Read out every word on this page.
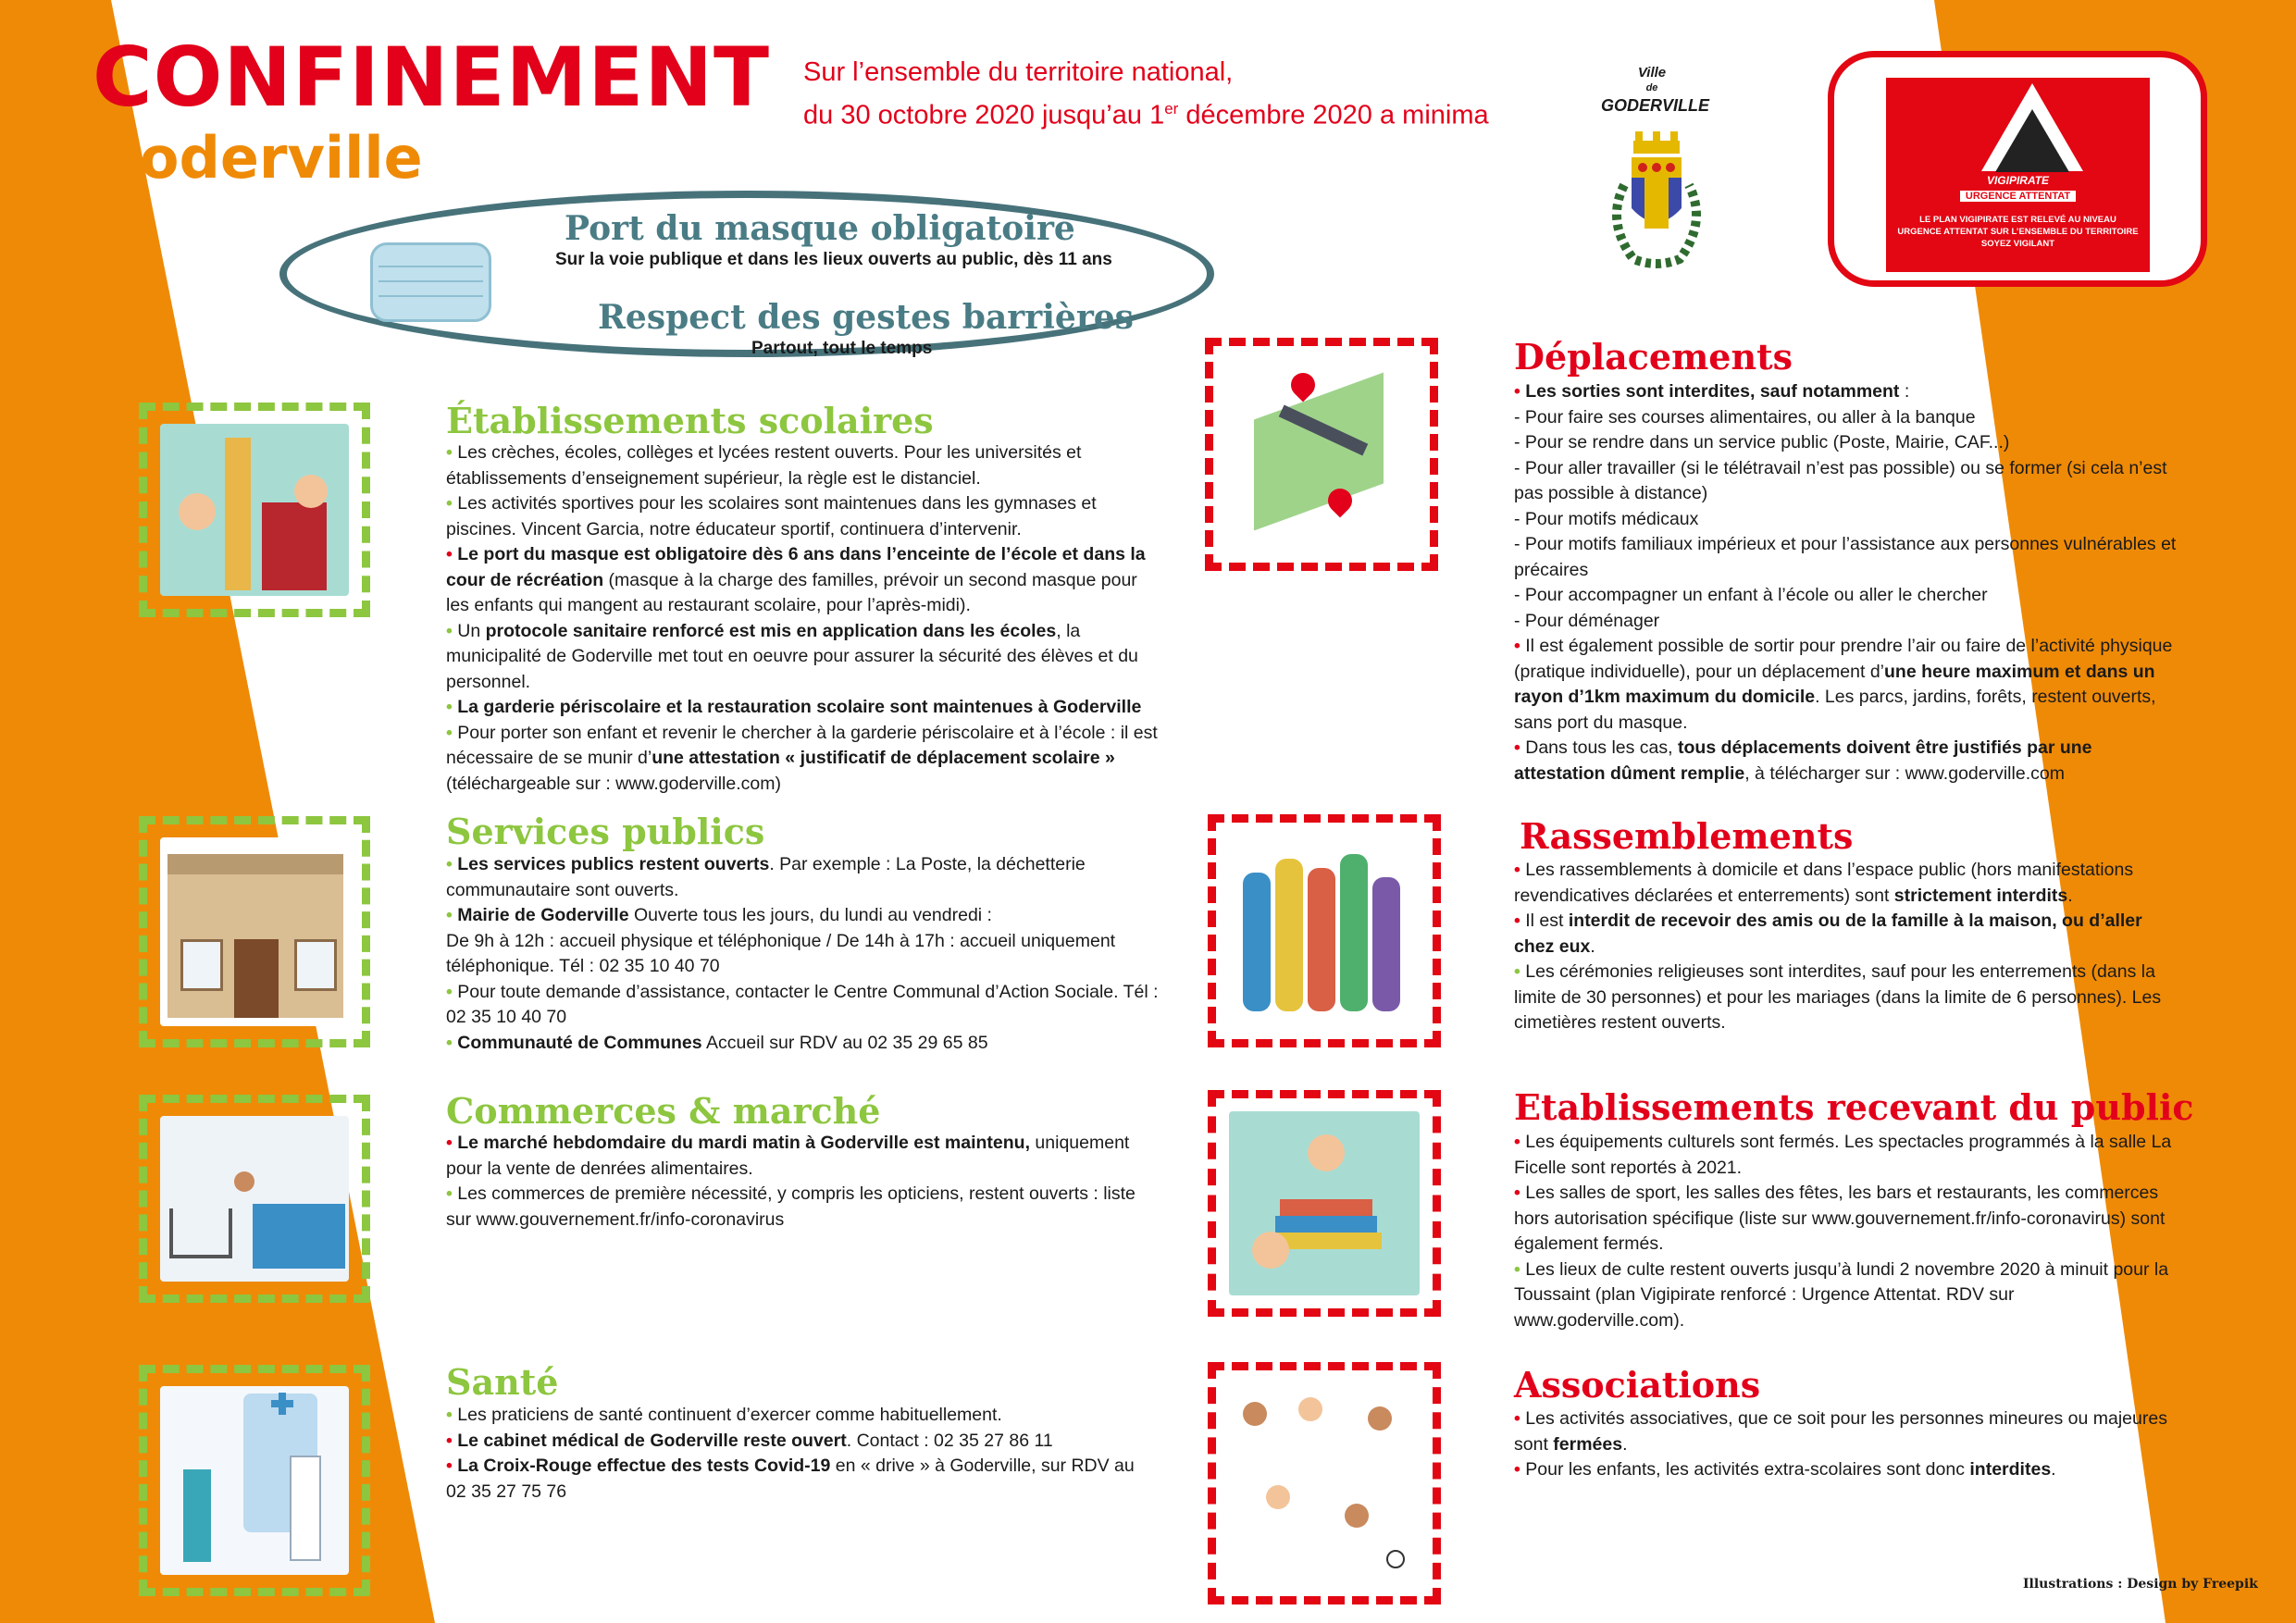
CONFINEMENT
Goderville
Sur l’ensemble du territoire national,
du 30 octobre 2020 jusqu’au 1er décembre 2020 a minima
Ville
de
GODERVILLE
VIGIPIRATE
URGENCE ATTENTAT
LE PLAN VIGIPIRATE EST RELEVÉ AU NIVEAU
URGENCE ATTENTAT SUR L’ENSEMBLE DU TERRITOIRE
SOYEZ VIGILANT
Port du masque obligatoire
Sur la voie publique et dans les lieux ouverts au public, dès 11 ans
Respect des gestes barrières
Partout, tout le temps
Établissements scolaires

• Les crèches, écoles, collèges et lycées restent ouverts. Pour les universités et établissements d’enseignement supérieur, la règle est le distanciel.

• Les activités sportives pour les scolaires sont maintenues dans les gymnases et piscines. Vincent Garcia, notre éducateur sportif, continuera d’intervenir.

• Le port du masque est obligatoire dès 6 ans dans l’enceinte de l’école et dans la cour de récréation (masque à la charge des familles, prévoir un second masque pour les enfants qui mangent au restaurant scolaire, pour l’après-midi).

• Un protocole sanitaire renforcé est mis en application dans les écoles, la municipalité de Goderville met tout en oeuvre pour assurer la sécurité des élèves et du personnel.

• La garderie périscolaire et la restauration scolaire sont maintenues à Goderville

• Pour porter son enfant et revenir le chercher à la garderie périscolaire et à l’école : il est nécessaire de se munir d’une attestation « justificatif de déplacement scolaire » (téléchargeable sur : www.goderville.com)

Services publics

• Les services publics restent ouverts. Par exemple : La Poste, la déchetterie communautaire sont ouverts.

• Mairie de Goderville Ouverte tous les jours, du lundi au vendredi :

De 9h à 12h : accueil physique et téléphonique / De 14h à 17h : accueil uniquement téléphonique. Tél : 02 35 10 40 70

• Pour toute demande d’assistance, contacter le Centre Communal d’Action Sociale. Tél : 02 35 10 40 70

• Communauté de Communes Accueil sur RDV au 02 35 29 65 85

Commerces & marché

• Le marché hebdomdaire du mardi matin à Goderville est maintenu, uniquement pour la vente de denrées alimentaires.

• Les commerces de première nécessité, y compris les opticiens, restent ouverts : liste sur www.gouvernement.fr/info-coronavirus

Santé

• Les praticiens de santé continuent d’exercer comme habituellement.

• Le cabinet médical de Goderville reste ouvert. Contact : 02 35 27 86 11

• La Croix-Rouge effectue des tests Covid-19 en « drive » à Goderville, sur RDV au 02 35 27 75 76

Déplacements

• Les sorties sont interdites, sauf notamment :

- Pour faire ses courses alimentaires, ou aller à la banque

- Pour se rendre dans un service public (Poste, Mairie, CAF...)

- Pour aller travailler (si le télétravail n’est pas possible) ou se former (si cela n’est pas possible à distance)

- Pour motifs médicaux

- Pour motifs familiaux impérieux et pour l’assistance aux personnes vulnérables et précaires

- Pour accompagner un enfant à l’école ou aller le chercher

- Pour déménager

• Il est également possible de sortir pour prendre l’air ou faire de l’activité physique (pratique individuelle), pour un déplacement d’une heure maximum et dans un rayon d’1km maximum du domicile. Les parcs, jardins, forêts, restent ouverts, sans port du masque.

• Dans tous les cas, tous déplacements doivent être justifiés par une attestation dûment remplie, à télécharger sur : www.goderville.com

Rassemblements

• Les rassemblements à domicile et dans l’espace public (hors manifestations revendicatives déclarées et enterrements) sont strictement interdits.

• Il est interdit de recevoir des amis ou de la famille à la maison, ou d’aller chez eux.

• Les cérémonies religieuses sont interdites, sauf pour les enterrements (dans la limite de 30 personnes) et pour les mariages (dans la limite de 6 personnes). Les cimetières restent ouverts.

Etablissements recevant du public

• Les équipements culturels sont fermés. Les spectacles programmés à la salle La Ficelle sont reportés à 2021.

• Les salles de sport, les salles des fêtes, les bars et restaurants, les commerces hors autorisation spécifique (liste sur www.gouvernement.fr/info-coronavirus) sont également fermés.

• Les lieux de culte restent ouverts jusqu’à lundi 2 novembre 2020 à minuit pour la Toussaint (plan Vigipirate renforcé : Urgence Attentat. RDV sur www.goderville.com).

Associations

• Les activités associatives, que ce soit pour les personnes mineures ou majeures sont fermées.

• Pour les enfants, les activités extra-scolaires sont donc interdites.

Illustrations : Design by Freepik
